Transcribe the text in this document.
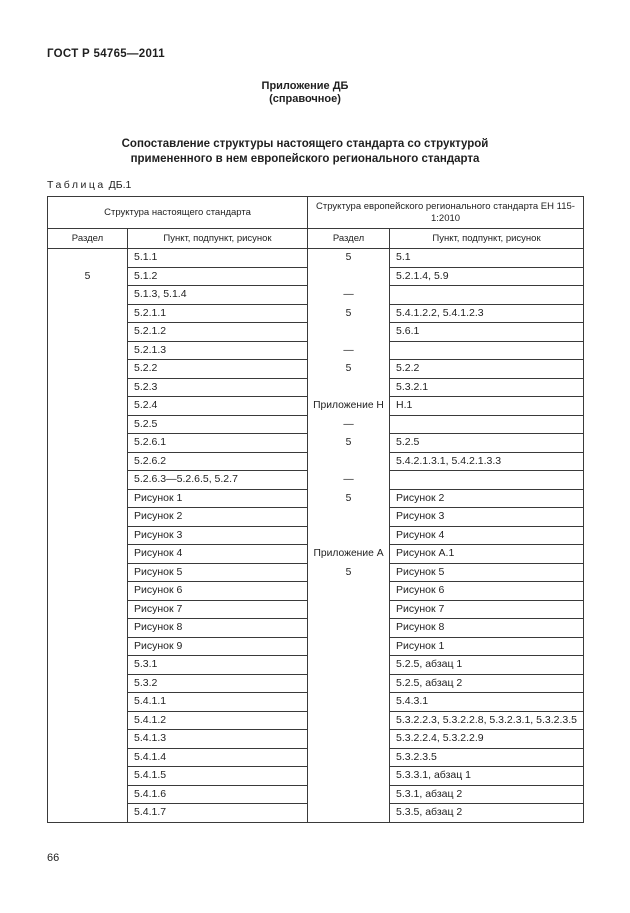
ГОСТ Р 54765—2011
Приложение ДБ
(справочное)
Сопоставление структуры настоящего стандарта со структурой
примененного в нем европейского регионального стандарта
Таблица ДБ.1
Структура настоящего стандарта		Структура европейского регионального стандарта ЕН 115-1:2010	
Раздел	Пункт, подпункт, рисунок	Раздел	Пункт, подпункт, рисунок
	5.1.1	5	5.1
5	5.1.2		5.2.1.4, 5.9
	5.1.3, 5.1.4	—	
	5.2.1.1	5	5.4.1.2.2, 5.4.1.2.3
	5.2.1.2		5.6.1
	5.2.1.3	—	
	5.2.2	5	5.2.2
	5.2.3		5.3.2.1
	5.2.4	Приложение Н	Н.1
	5.2.5	—	
	5.2.6.1	5	5.2.5
	5.2.6.2		5.4.2.1.3.1, 5.4.2.1.3.3
	5.2.6.3—5.2.6.5, 5.2.7	—	
	Рисунок 1	5	Рисунок 2
	Рисунок 2		Рисунок 3
	Рисунок 3		Рисунок 4
	Рисунок 4	Приложение А	Рисунок А.1
	Рисунок 5	5	Рисунок 5
	Рисунок 6		Рисунок 6
	Рисунок 7		Рисунок 7
	Рисунок 8		Рисунок 8
	Рисунок 9		Рисунок 1
	5.3.1		5.2.5, абзац 1
	5.3.2		5.2.5, абзац 2
	5.4.1.1		5.4.3.1
	5.4.1.2		5.3.2.2.3, 5.3.2.2.8, 5.3.2.3.1, 5.3.2.3.5
	5.4.1.3		5.3.2.2.4, 5.3.2.2.9
	5.4.1.4		5.3.2.3.5
	5.4.1.5		5.3.3.1, абзац 1
	5.4.1.6		5.3.1, абзац 2
	5.4.1.7		5.3.5, абзац 2
66
